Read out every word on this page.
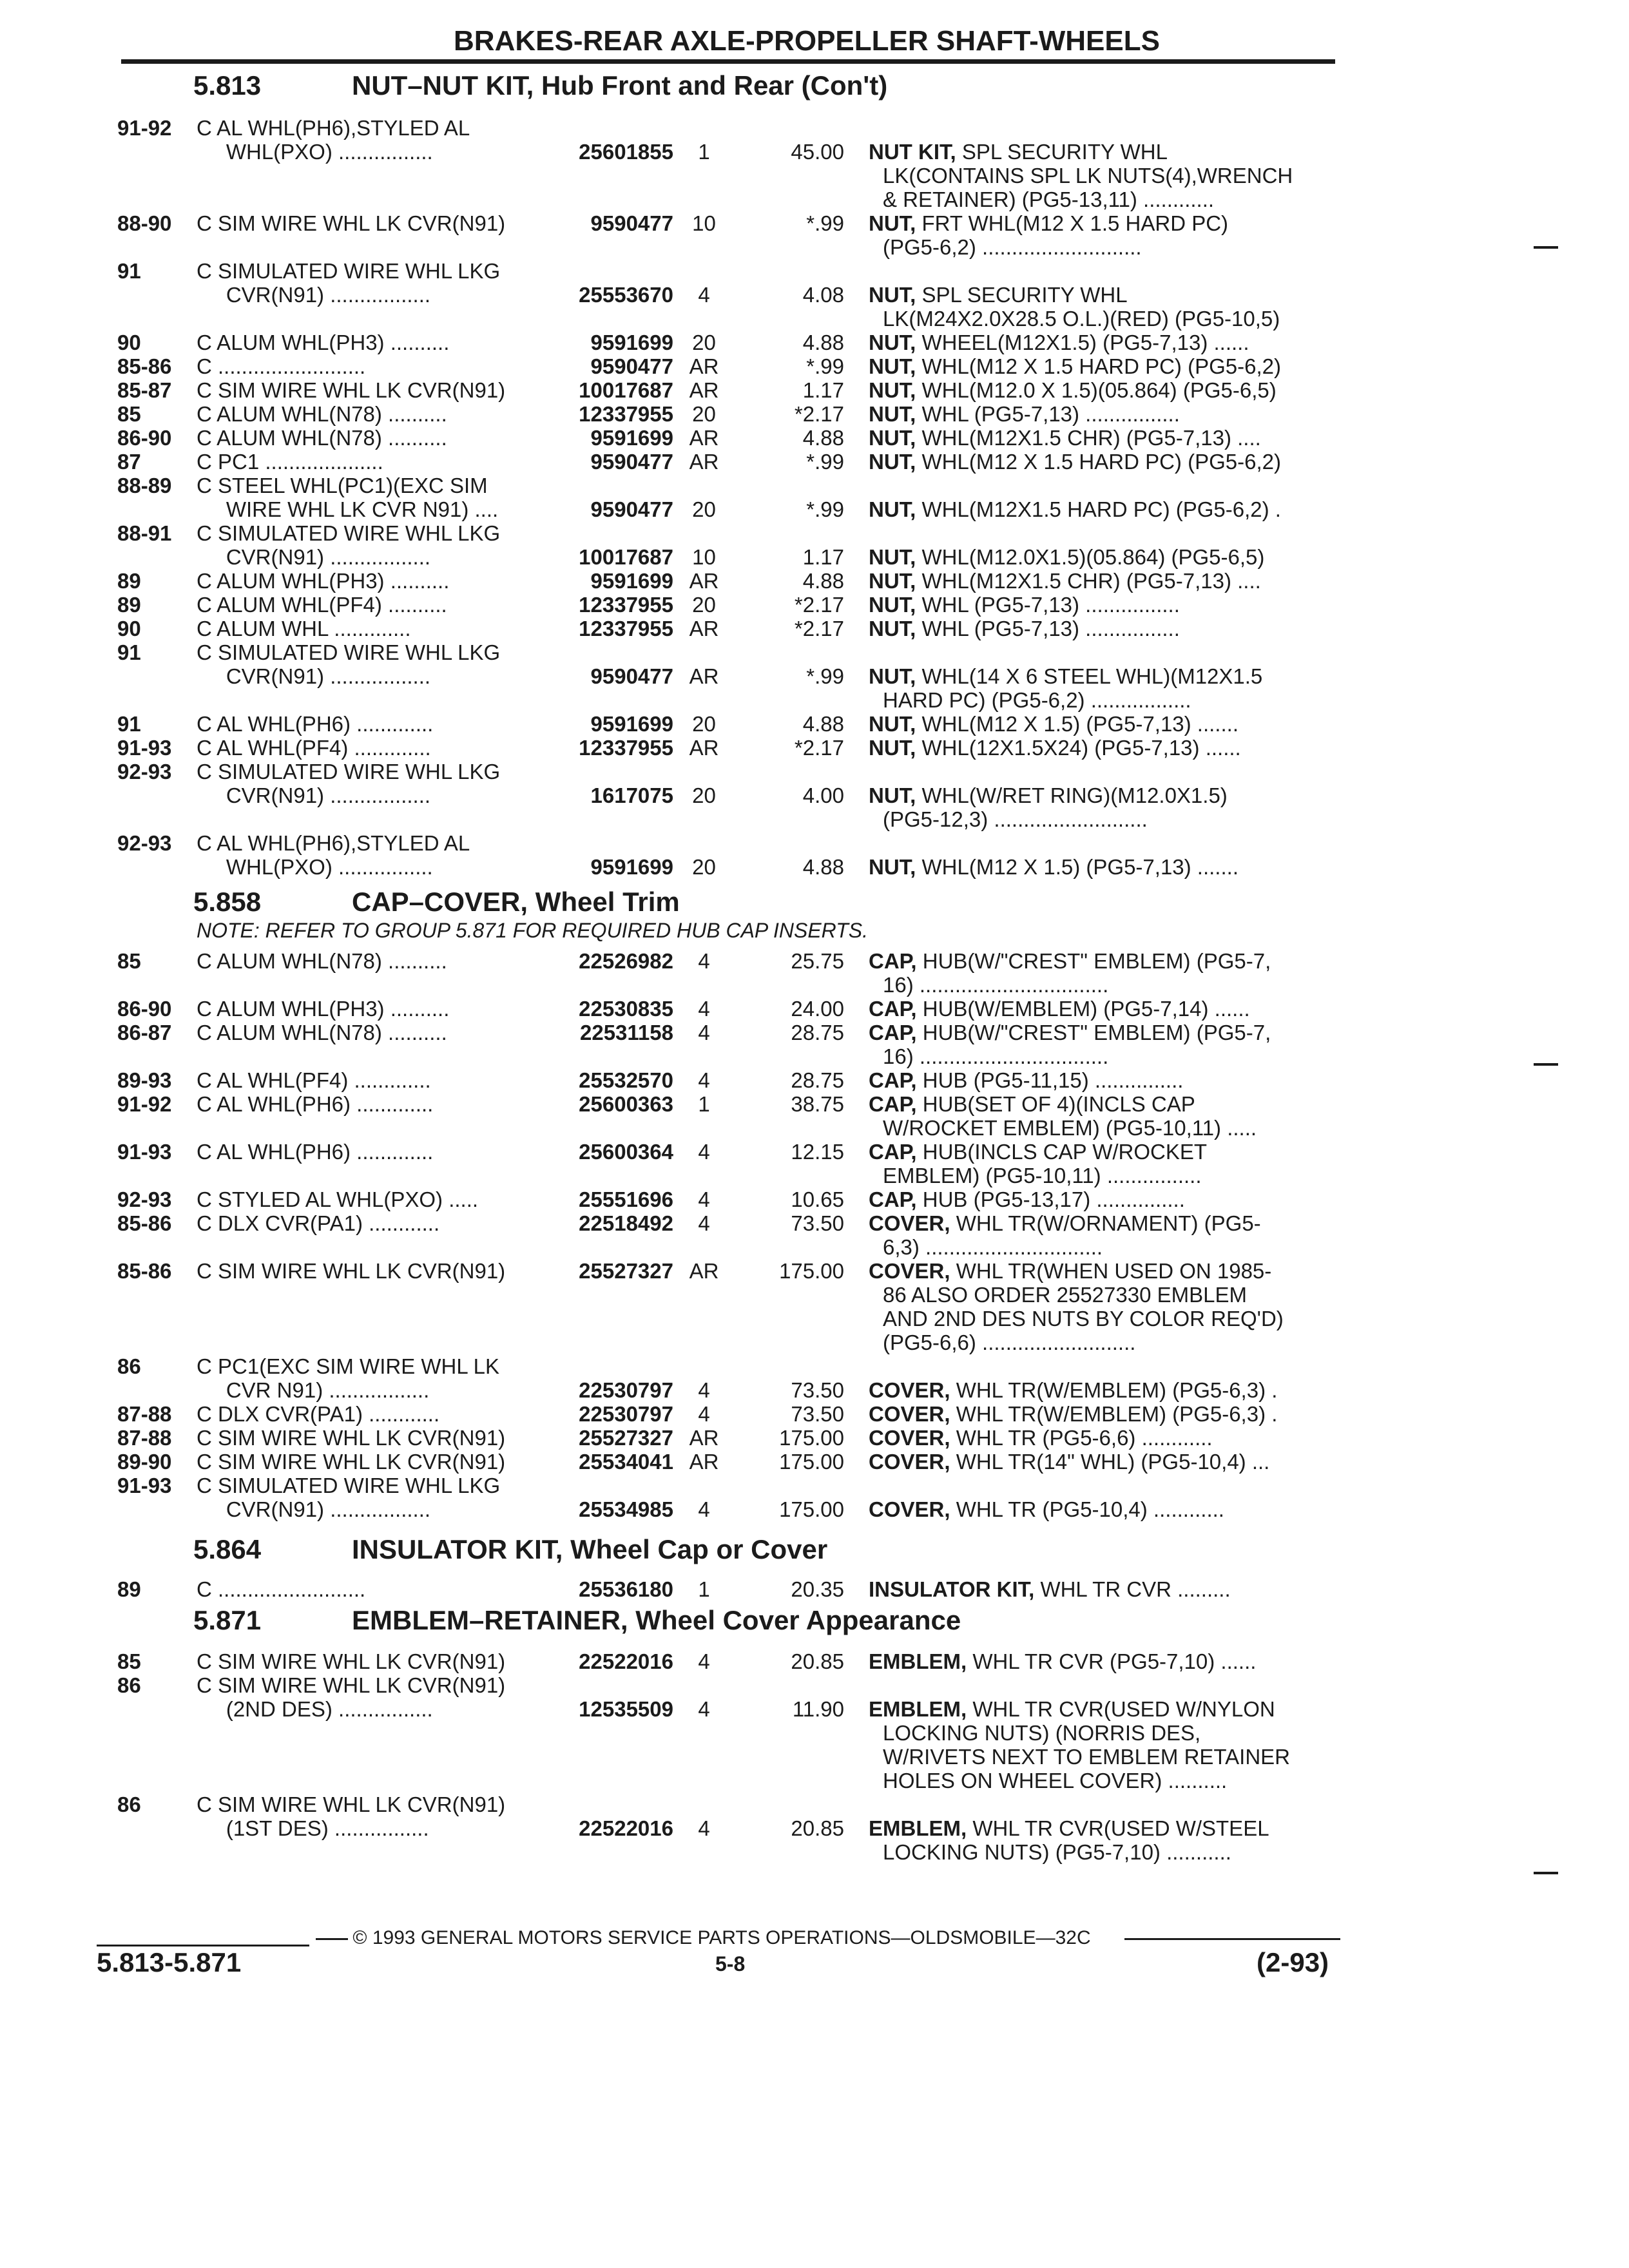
BRAKES-REAR AXLE-PROPELLER SHAFT-WHEELS
5.813	NUT–NUT KIT, Hub Front and Rear (Con't)
91-92 C AL WHL(PH6),STYLED AL
WHL(PXO) ................	25601855	1	45.00 NUT KIT, SPL SECURITY WHL
LK(CONTAINS SPL LK NUTS(4),WRENCH
& RETAINER) (PG5-13,11) ............
88-90 C SIM WIRE WHL LK CVR(N91)	9590477 10	*.99 NUT, FRT WHL(M12 X 1.5 HARD PC)
(PG5-6,2) ...........................
91	C SIMULATED WIRE WHL LKG
CVR(N91) .................	25553670	4	4.08 NUT, SPL SECURITY WHL
LK(M24X2.0X28.5 O.L.)(RED) (PG5-10,5)
90	C ALUM WHL(PH3) ..........	9591699 20	4.88 NUT, WHEEL(M12X1.5) (PG5-7,13) ......
85-86 C .........................	9590477 AR	*.99 NUT, WHL(M12 X 1.5 HARD PC) (PG5-6,2)
85-87 C SIM WIRE WHL LK CVR(N91)	10017687 AR	1.17 NUT, WHL(M12.0 X 1.5)(05.864) (PG5-6,5)
85	C ALUM WHL(N78) ..........	12337955 20	*2.17 NUT, WHL (PG5-7,13) ................
86-90 C ALUM WHL(N78) ..........	9591699 AR	4.88 NUT, WHL(M12X1.5 CHR) (PG5-7,13) ....
87	C PC1 ....................	9590477 AR	*.99 NUT, WHL(M12 X 1.5 HARD PC) (PG5-6,2)
88-89 C STEEL WHL(PC1)(EXC SIM
WIRE WHL LK CVR N91) ....	9590477 20	*.99 NUT, WHL(M12X1.5 HARD PC) (PG5-6,2) .
88-91 C SIMULATED WIRE WHL LKG
CVR(N91) .................	10017687 10	1.17 NUT, WHL(M12.0X1.5)(05.864) (PG5-6,5)
89	C ALUM WHL(PH3) ..........	9591699 AR	4.88 NUT, WHL(M12X1.5 CHR) (PG5-7,13) ....
89	C ALUM WHL(PF4) ..........	12337955 20	*2.17 NUT, WHL (PG5-7,13) ................
90	C ALUM WHL .............	12337955 AR	*2.17 NUT, WHL (PG5-7,13) ................
91	C SIMULATED WIRE WHL LKG
CVR(N91) .................	9590477 AR	*.99 NUT, WHL(14 X 6 STEEL WHL)(M12X1.5
HARD PC) (PG5-6,2) .................
91	C AL WHL(PH6) .............	9591699 20	4.88 NUT, WHL(M12 X 1.5) (PG5-7,13) .......
91-93 C AL WHL(PF4) .............	12337955 AR	*2.17 NUT, WHL(12X1.5X24) (PG5-7,13) ......
92-93 C SIMULATED WIRE WHL LKG
CVR(N91) .................	1617075 20	4.00 NUT, WHL(W/RET RING)(M12.0X1.5)
(PG5-12,3) ..........................
92-93 C AL WHL(PH6),STYLED AL
WHL(PXO) ................	9591699 20	4.88 NUT, WHL(M12 X 1.5) (PG5-7,13) .......
5.858	CAP–COVER, Wheel Trim
NOTE: REFER TO GROUP 5.871 FOR REQUIRED HUB CAP INSERTS.
85	C ALUM WHL(N78) ..........	22526982	4	25.75 CAP, HUB(W/"CREST" EMBLEM) (PG5-7,
16) ................................
86-90 C ALUM WHL(PH3) ..........	22530835	4	24.00 CAP, HUB(W/EMBLEM) (PG5-7,14) ......
86-87 C ALUM WHL(N78) ..........	22531158	4	28.75 CAP, HUB(W/"CREST" EMBLEM) (PG5-7,
16) ................................
89-93 C AL WHL(PF4) .............	25532570	4	28.75 CAP, HUB (PG5-11,15) ...............
91-92 C AL WHL(PH6) .............	25600363	1	38.75 CAP, HUB(SET OF 4)(INCLS CAP
W/ROCKET EMBLEM) (PG5-10,11) .....
91-93 C AL WHL(PH6) .............	25600364	4	12.15 CAP, HUB(INCLS CAP W/ROCKET
EMBLEM) (PG5-10,11) ................
92-93 C STYLED AL WHL(PXO) .....	25551696	4	10.65 CAP, HUB (PG5-13,17) ...............
85-86 C DLX CVR(PA1) ............	22518492	4	73.50 COVER, WHL TR(W/ORNAMENT) (PG5-
6,3) ..............................
85-86 C SIM WIRE WHL LK CVR(N91)	25527327 AR	175.00 COVER, WHL TR(WHEN USED ON 1985-
86 ALSO ORDER 25527330 EMBLEM
AND 2ND DES NUTS BY COLOR REQ'D)
(PG5-6,6) ..........................
86	C PC1(EXC SIM WIRE WHL LK
CVR N91) .................	22530797	4	73.50 COVER, WHL TR(W/EMBLEM) (PG5-6,3) .
87-88 C DLX CVR(PA1) ............	22530797	4	73.50 COVER, WHL TR(W/EMBLEM) (PG5-6,3) .
87-88 C SIM WIRE WHL LK CVR(N91)	25527327 AR	175.00 COVER, WHL TR (PG5-6,6) ............
89-90 C SIM WIRE WHL LK CVR(N91)	25534041 AR	175.00 COVER, WHL TR(14" WHL) (PG5-10,4) ...
91-93 C SIMULATED WIRE WHL LKG
CVR(N91) .................	25534985	4	175.00 COVER, WHL TR (PG5-10,4) ............
5.864	INSULATOR KIT, Wheel Cap or Cover
89	C .........................	25536180	1	20.35 INSULATOR KIT, WHL TR CVR .........
5.871	EMBLEM–RETAINER, Wheel Cover Appearance
85	C SIM WIRE WHL LK CVR(N91)	22522016	4	20.85 EMBLEM, WHL TR CVR (PG5-7,10) ......
86	C SIM WIRE WHL LK CVR(N91)
(2ND DES) ................	12535509	4	11.90 EMBLEM, WHL TR CVR(USED W/NYLON
LOCKING NUTS) (NORRIS DES,
W/RIVETS NEXT TO EMBLEM RETAINER
HOLES ON WHEEL COVER) ..........
86	C SIM WIRE WHL LK CVR(N91)
(1ST DES) ................	22522016	4	20.85 EMBLEM, WHL TR CVR(USED W/STEEL
LOCKING NUTS) (PG5-7,10) ...........
© 1993 GENERAL MOTORS SERVICE PARTS OPERATIONS—OLDSMOBILE—32C
5.813-5.871	5-8	(2-93)
